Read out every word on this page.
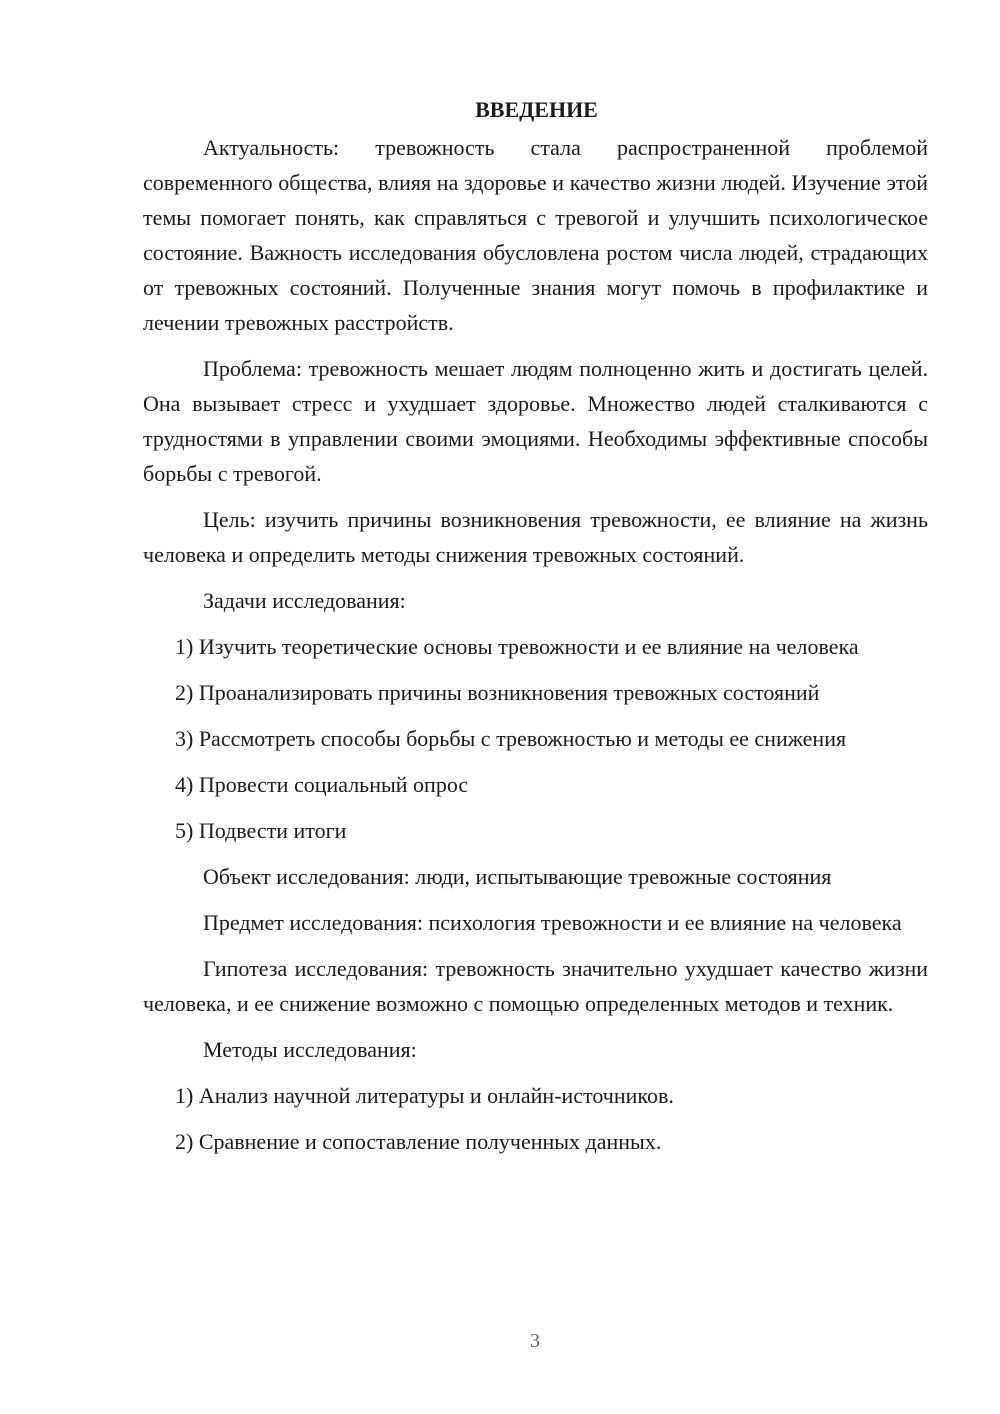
ВВЕДЕНИЕ

Актуальность: тревожность стала распространенной проблемой современного общества, влияя на здоровье и качество жизни людей. Изучение этой темы помогает понять, как справляться с тревогой и улучшить психологическое состояние. Важность исследования обусловлена ростом числа людей, страдающих от тревожных состояний. Полученные знания могут помочь в профилактике и лечении тревожных расстройств.

Проблема: тревожность мешает людям полноценно жить и достигать целей. Она вызывает стресс и ухудшает здоровье. Множество людей сталкиваются с трудностями в управлении своими эмоциями. Необходимы эффективные способы борьбы с тревогой.

Цель: изучить причины возникновения тревожности, ее влияние на жизнь человека и определить методы снижения тревожных состояний.

Задачи исследования:

1) Изучить теоретические основы тревожности и ее влияние на человека

2) Проанализировать причины возникновения тревожных состояний

3) Рассмотреть способы борьбы с тревожностью и методы ее снижения

4) Провести социальный опрос

5) Подвести итоги

Объект исследования: люди, испытывающие тревожные состояния

Предмет исследования: психология тревожности и ее влияние на человека

Гипотеза исследования: тревожность значительно ухудшает качество жизни человека, и ее снижение возможно с помощью определенных методов и техник.

Методы исследования:

1) Анализ научной литературы и онлайн-источников.

2) Сравнение и сопоставление полученных данных.

3
